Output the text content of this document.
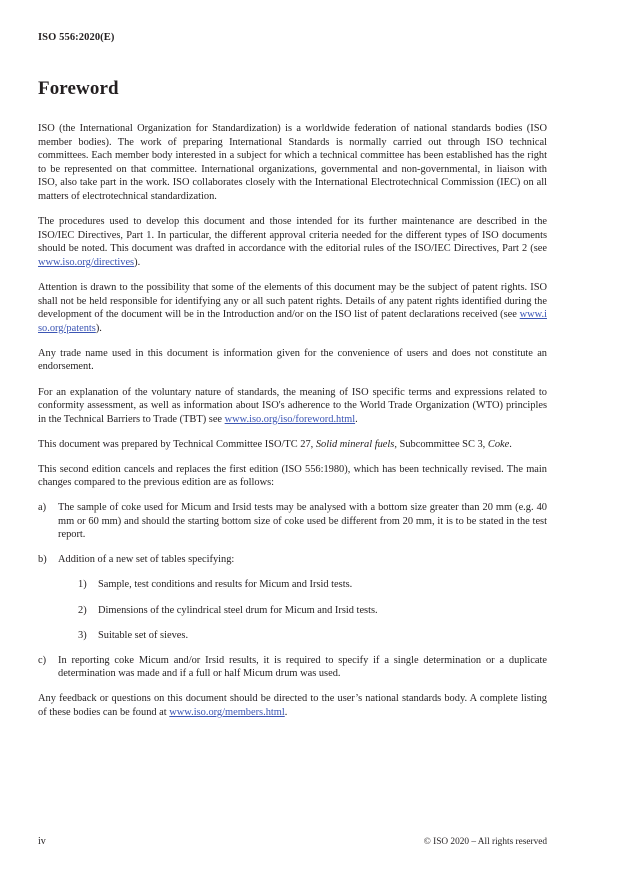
ISO 556:2020(E)
Foreword

ISO (the International Organization for Standardization) is a worldwide federation of national standards bodies (ISO member bodies). The work of preparing International Standards is normally carried out through ISO technical committees. Each member body interested in a subject for which a technical committee has been established has the right to be represented on that committee. International organizations, governmental and non-governmental, in liaison with ISO, also take part in the work. ISO collaborates closely with the International Electrotechnical Commission (IEC) on all matters of electrotechnical standardization.

The procedures used to develop this document and those intended for its further maintenance are described in the ISO/IEC Directives, Part 1. In particular, the different approval criteria needed for the different types of ISO documents should be noted. This document was drafted in accordance with the editorial rules of the ISO/IEC Directives, Part 2 (see www.iso.org/directives).

Attention is drawn to the possibility that some of the elements of this document may be the subject of patent rights. ISO shall not be held responsible for identifying any or all such patent rights. Details of any patent rights identified during the development of the document will be in the Introduction and/or on the ISO list of patent declarations received (see www.iso.org/patents).

Any trade name used in this document is information given for the convenience of users and does not constitute an endorsement.

For an explanation of the voluntary nature of standards, the meaning of ISO specific terms and expressions related to conformity assessment, as well as information about ISO's adherence to the World Trade Organization (WTO) principles in the Technical Barriers to Trade (TBT) see www.iso.org/iso/foreword.html.

This document was prepared by Technical Committee ISO/TC 27, Solid mineral fuels, Subcommittee SC 3, Coke.

This second edition cancels and replaces the first edition (ISO 556:1980), which has been technically revised. The main changes compared to the previous edition are as follows:

a)	The sample of coke used for Micum and Irsid tests may be analysed with a bottom size greater than 20 mm (e.g. 40 mm or 60 mm) and should the starting bottom size of coke used be different from 20 mm, it is to be stated in the test report.
b)	Addition of a new set of tables specifying:
1)	Sample, test conditions and results for Micum and Irsid tests.
2)	Dimensions of the cylindrical steel drum for Micum and Irsid tests.
3)	Suitable set of sieves.
c)	In reporting coke Micum and/or Irsid results, it is required to specify if a single determination or a duplicate determination was made and if a full or half Micum drum was used.

Any feedback or questions on this document should be directed to the user’s national standards body. A complete listing of these bodies can be found at www.iso.org/members.html.

iv	© ISO 2020 – All rights reserved
